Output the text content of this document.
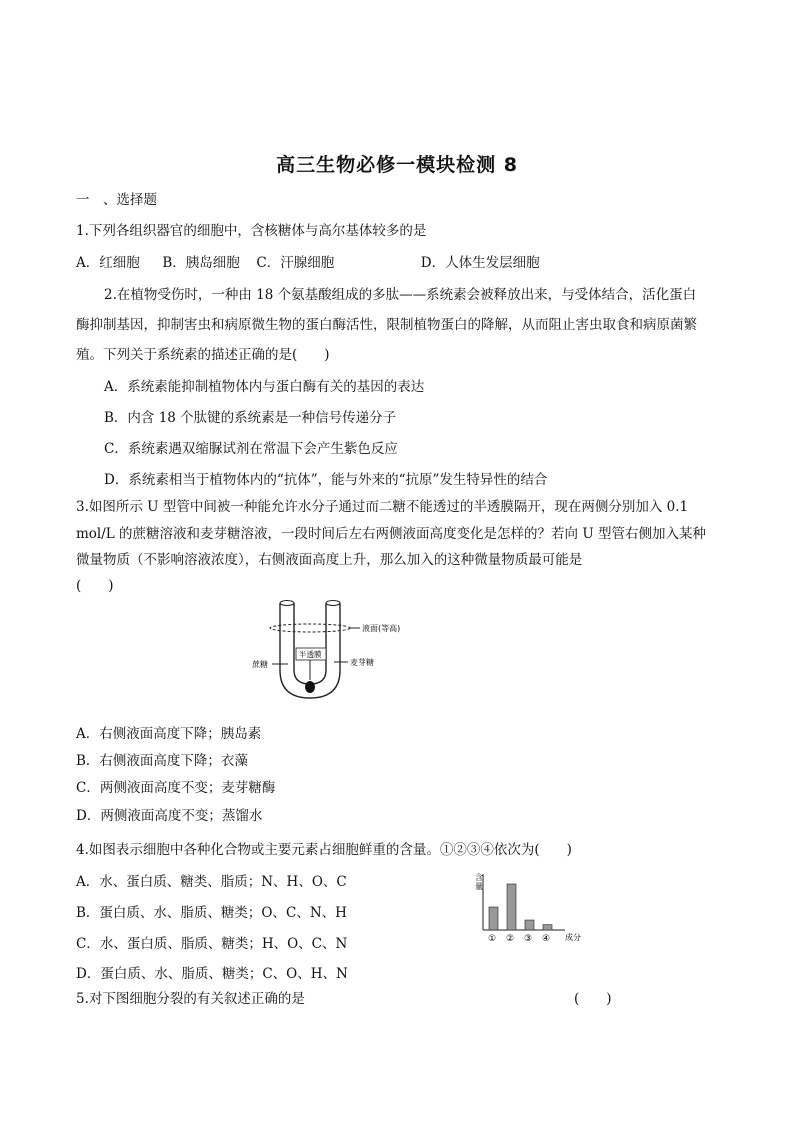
高三生物必修一模块检测 8
一　、选择题
1.下列各组织器官的细胞中，含核糖体与高尔基体较多的是
A．红细胞 B．胰岛细胞 C．汗腺细胞	D．人体生发层细胞
2.在植物受伤时，一种由 18 个氨基酸组成的多肽——系统素会被释放出来，与受体结合，活化蛋白
酶抑制基因，抑制害虫和病原微生物的蛋白酶活性，限制植物蛋白的降解，从而阻止害虫取食和病原菌繁
殖。下列关于系统素的描述正确的是(　　)
A．系统素能抑制植物体内与蛋白酶有关的基因的表达
B．内含 18 个肽键的系统素是一种信号传递分子
C．系统素遇双缩脲试剂在常温下会产生紫色反应
D．系统素相当于植物体内的“抗体”，能与外来的“抗原”发生特异性的结合
3.如图所示 U 型管中间被一种能允许水分子通过而二糖不能透过的半透膜隔开，现在两侧分别加入 0.1
mol/L 的蔗糖溶液和麦芽糖溶液，一段时间后左右两侧液面高度变化是怎样的？若向 U 型管右侧加入某种
微量物质（不影响溶液浓度），右侧液面高度上升，那么加入的这种微量物质最可能是
(　　)
液面(等高)
半透膜
蔗糖	麦芽糖
A．右侧液面高度下降；胰岛素
B．右侧液面高度下降；衣藻
C．两侧液面高度不变；麦芽糖酶
D．两侧液面高度不变；蒸馏水
4.如图表示细胞中各种化合物或主要元素占细胞鲜重的含量。①②③④依次为(　　)
A．水、蛋白质、糖类、脂质；N、H、O、C
B．蛋白质、水、脂质、糖类；O、C、N、H
C．水、蛋白质、脂质、糖类；H、O、C、N
D．蛋白质、水、脂质、糖类；C、O、H、N
含
量
① ② ③ ④ 成分
5.对下图细胞分裂的有关叙述正确的是	(　　)
